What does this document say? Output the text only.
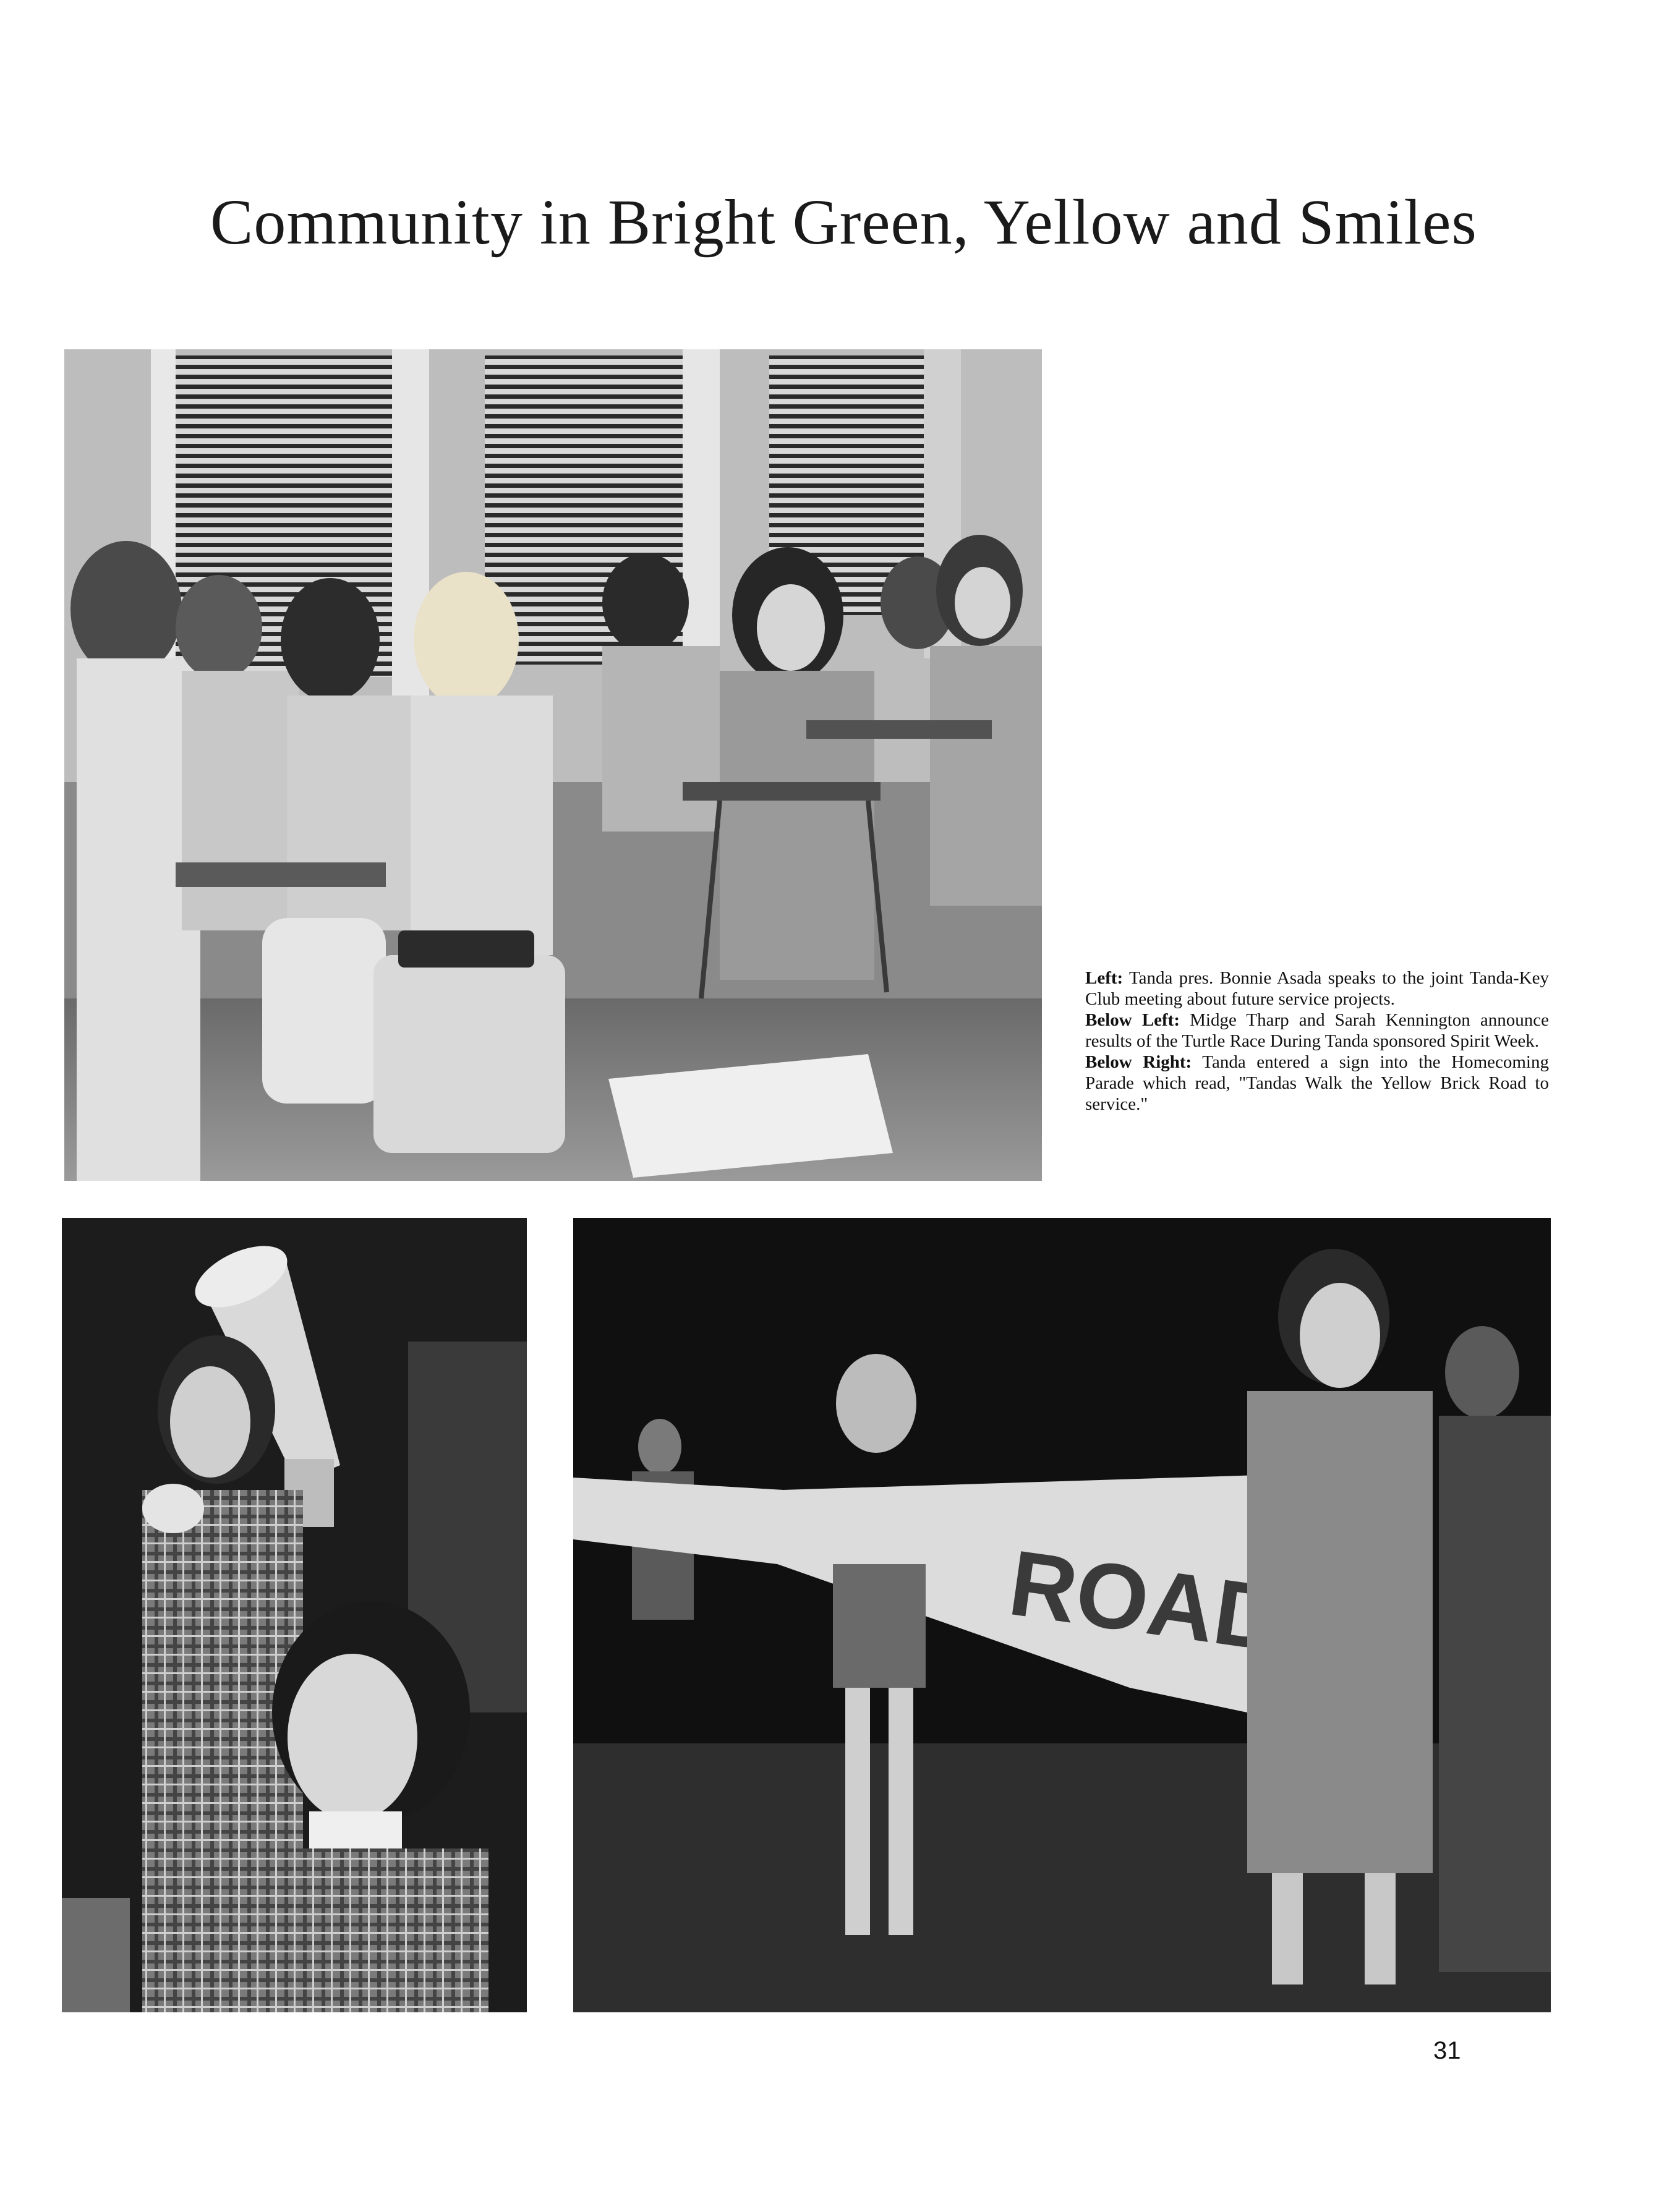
Community in Bright Green, Yellow and Smiles

Left: Tanda pres. Bonnie Asada speaks to the joint Tanda-Key Club meeting about future service projects.

Below Left: Midge Tharp and Sarah Kennington announce results of the Turtle Race During Tanda sponsored Spirit Week.

Below Right: Tanda entered a sign into the Homecoming Parade which read, "Tandas Walk the Yellow Brick Road to service."

ROAD
31
